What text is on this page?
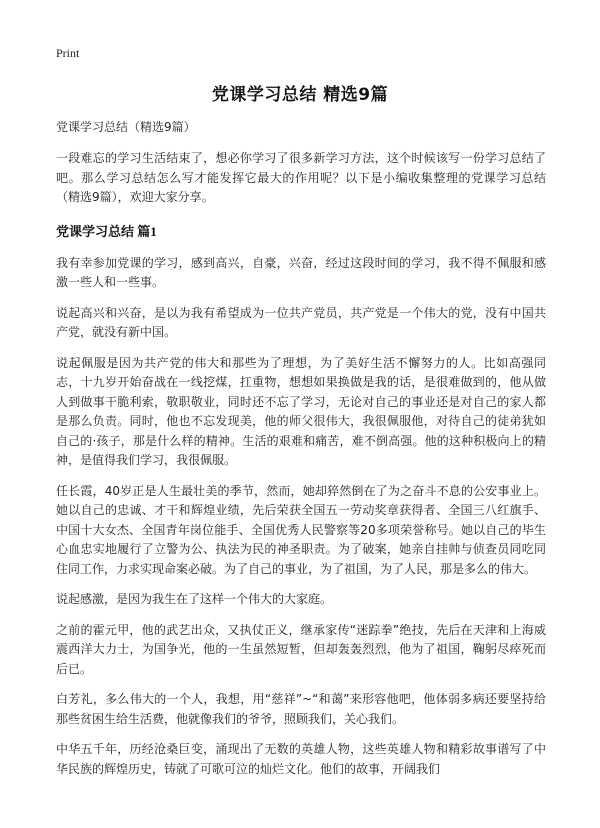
Print
党课学习总结 精选9篇

党课学习总结（精选9篇）

一段难忘的学习生活结束了，想必你学习了很多新学习方法，这个时候该写一份学习总结了吧。那么学习总结怎么写才能发挥它最大的作用呢？以下是小编收集整理的党课学习总结（精选9篇），欢迎大家分享。

党课学习总结 篇1

我有幸参加党课的学习，感到高兴，自豪，兴奋，经过这段时间的学习，我不得不佩服和感激一些人和一些事。

说起高兴和兴奋，是以为我有希望成为一位共产党员，共产党是一个伟大的党，没有中国共产党，就没有新中国。

说起佩服是因为共产党的伟大和那些为了理想，为了美好生活不懈努力的人。比如高强同志，十九岁开始奋战在一线挖煤，扛重物，想想如果换做是我的话，是很难做到的，他从做人到做事干脆利索，敬职敬业，同时还不忘了学习，无论对自己的事业还是对自己的家人都是那么负责。同时，他也不忘发现美，他的师父很伟大，我很佩服他，对待自己的徒弟犹如自己的·孩子，那是什么样的精神。生活的艰难和痛苦，难不倒高强。他的这种积极向上的精神，是值得我们学习，我很佩服。

任长霞，40岁正是人生最壮美的季节，然而，她却猝然倒在了为之奋斗不息的公安事业上。她以自己的忠诚、才干和辉煌业绩，先后荣获全国五一劳动奖章获得者、全国三八红旗手、中国十大女杰、全国青年岗位能手、全国优秀人民警察等20多项荣誉称号。她以自己的毕生心血忠实地履行了立警为公、执法为民的神圣职责。为了破案，她亲自挂帅与侦查员同吃同住同工作，力求实现命案必破。为了自己的事业，为了祖国，为了人民，那是多么的伟大。

说起感激，是因为我生在了这样一个伟大的大家庭。

之前的霍元甲，他的武艺出众，又执仗正义，继承家传“迷踪拳”绝技，先后在天津和上海威震西洋大力士，为国争光，他的一生虽然短暂，但却轰轰烈烈，他为了祖国，鞠躬尽瘁死而后已。

白芳礼，多么伟大的一个人，我想，用“慈祥”~“和蔼”来形容他吧，他体弱多病还要坚持给那些贫困生给生活费，他就像我们的爷爷，照顾我们，关心我们。

中华五千年，历经沧桑巨变，涌现出了无数的英雄人物，这些英雄人物和精彩故事谱写了中华民族的辉煌历史，铸就了可歌可泣的灿烂文化。他们的故事，开阔我们
